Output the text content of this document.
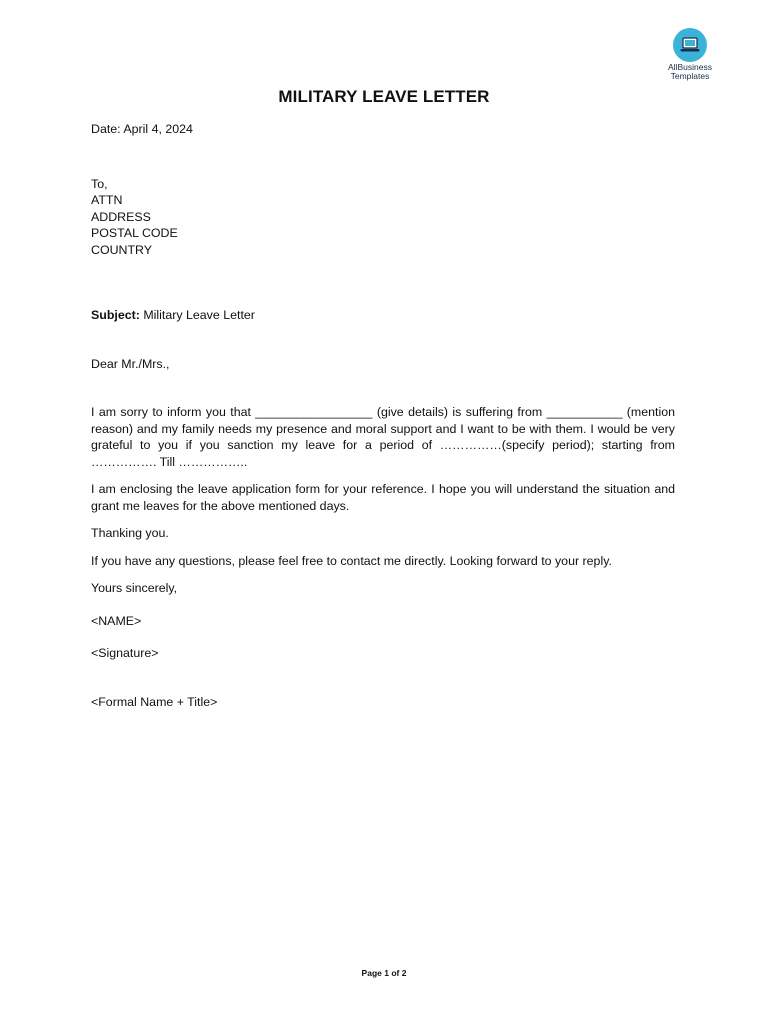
AllBusiness
Templates
MILITARY LEAVE LETTER
Date: April 4, 2024
To,
ATTN
ADDRESS
POSTAL CODE
COUNTRY
Subject: Military Leave Letter
Dear Mr./Mrs.,
I am sorry to inform you that _________________ (give details) is suffering from ___________ (mention reason) and my family needs my presence and moral support and I want to be with them. I would be very grateful to you if you sanction my leave for a period of ……………(specify period); starting from ……………. Till ……………..
I am enclosing the leave application form for your reference. I hope you will understand the situation and grant me leaves for the above mentioned days.
Thanking you.
If you have any questions, please feel free to contact me directly. Looking forward to your reply.
Yours sincerely,
<NAME>
<Signature>
<Formal Name + Title>
Page 1 of 2
